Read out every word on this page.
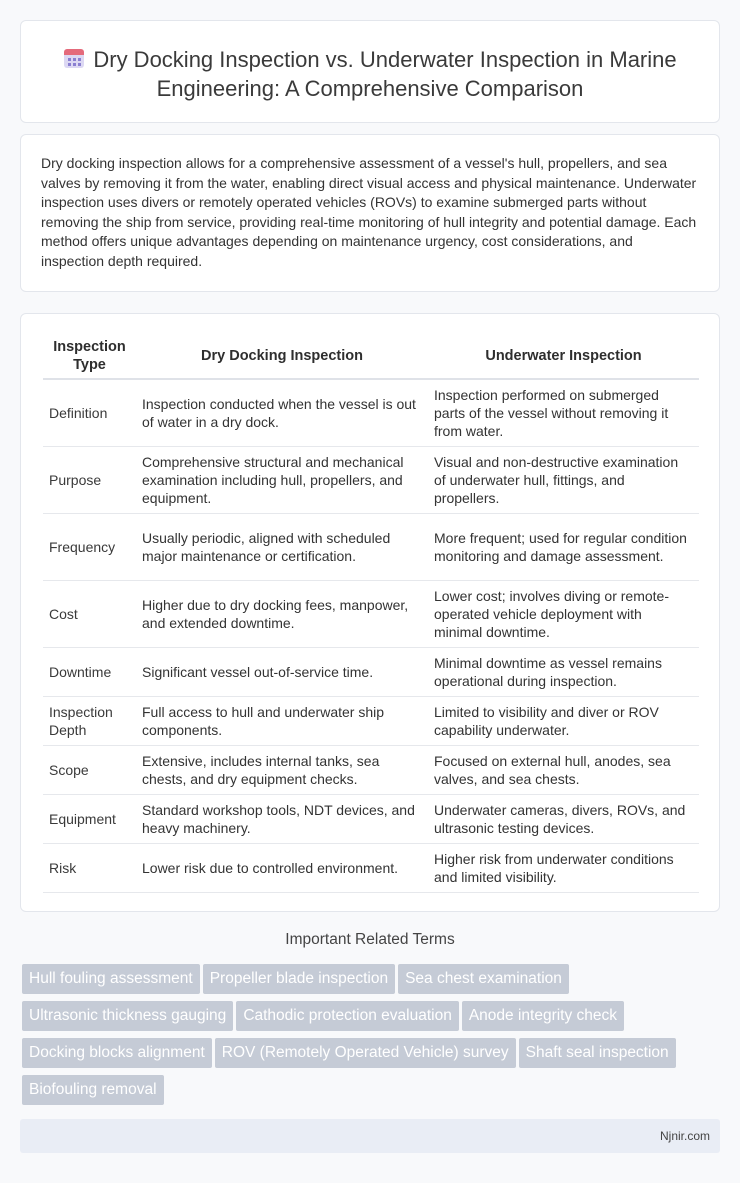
Dry Docking Inspection vs. Underwater Inspection in Marine Engineering: A Comprehensive Comparison

Dry docking inspection allows for a comprehensive assessment of a vessel's hull, propellers, and sea valves by removing it from the water, enabling direct visual access and physical maintenance. Underwater inspection uses divers or remotely operated vehicles (ROVs) to examine submerged parts without removing the ship from service, providing real-time monitoring of hull integrity and potential damage. Each method offers unique advantages depending on maintenance urgency, cost considerations, and inspection depth required.

Inspection Type	Dry Docking Inspection	Underwater Inspection
Definition	Inspection conducted when the vessel is out of water in a dry dock.	Inspection performed on submerged parts of the vessel without removing it from water.
Purpose	Comprehensive structural and mechanical examination including hull, propellers, and equipment.	Visual and non-destructive examination of underwater hull, fittings, and propellers.
Frequency	Usually periodic, aligned with scheduled major maintenance or certification.	More frequent; used for regular condition monitoring and damage assessment.
Cost	Higher due to dry docking fees, manpower, and extended downtime.	Lower cost; involves diving or remote-operated vehicle deployment with minimal downtime.
Downtime	Significant vessel out-of-service time.	Minimal downtime as vessel remains operational during inspection.
Inspection Depth	Full access to hull and underwater ship components.	Limited to visibility and diver or ROV capability underwater.
Scope	Extensive, includes internal tanks, sea chests, and dry equipment checks.	Focused on external hull, anodes, sea valves, and sea chests.
Equipment	Standard workshop tools, NDT devices, and heavy machinery.	Underwater cameras, divers, ROVs, and ultrasonic testing devices.
Risk	Lower risk due to controlled environment.	Higher risk from underwater conditions and limited visibility.
Important Related Terms
Hull fouling assessment Propeller blade inspection Sea chest examination
Ultrasonic thickness gauging Cathodic protection evaluation Anode integrity check
Docking blocks alignment ROV (Remotely Operated Vehicle) survey Shaft seal inspection
Biofouling removal
Njnir.com
